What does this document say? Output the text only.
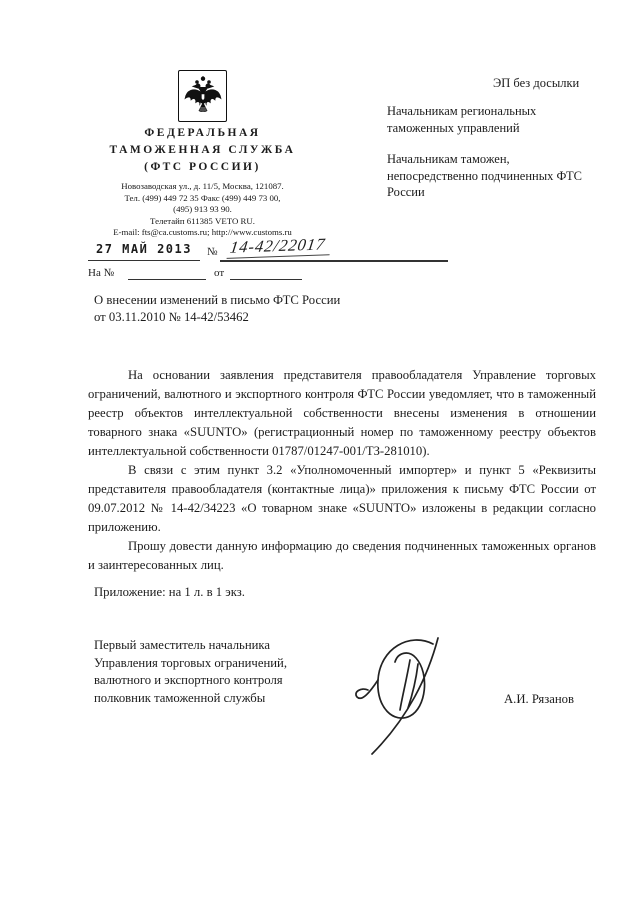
ФЕДЕРАЛЬНАЯ
ТАМОЖЕННАЯ СЛУЖБА
(ФТС РОССИИ)
Новозаводская ул., д. 11/5, Москва, 121087.
Тел. (499) 449 72 35 Факс (499) 449 73 00,
(495) 913 93 90.
Телетайп 611385 VETO RU.
E-mail: fts@ca.customs.ru; http://www.customs.ru
ЭП без досылки
Начальникам региональных таможенных управлений
Начальникам таможен, непосредственно подчиненных ФТС России
27 МАЙ 2013	№ 14-42/22017
На №	от
О внесении изменений в письмо ФТС России от 03.11.2010 № 14-42/53462

На основании заявления представителя правообладателя Управление торговых ограничений, валютного и экспортного контроля ФТС России уведомляет, что в таможенный реестр объектов интеллектуальной собственности внесены изменения в отношении товарного знака «SUUNTO» (регистрационный номер по таможенному реестру объектов интеллектуальной собственности 01787/01247-001/ТЗ-281010).

В связи с этим пункт 3.2 «Уполномоченный импортер» и пункт 5 «Реквизиты представителя правообладателя (контактные лица)» приложения к письму ФТС России от 09.07.2012 № 14-42/34223 «О товарном знаке «SUUNTO» изложены в редакции согласно приложению.

Прошу довести данную информацию до сведения подчиненных таможенных органов и заинтересованных лиц.

Приложение: на 1 л. в 1 экз.
Первый заместитель начальника
Управления торговых ограничений,
валютного и экспортного контроля
полковник таможенной службы	А.И. Рязанов
